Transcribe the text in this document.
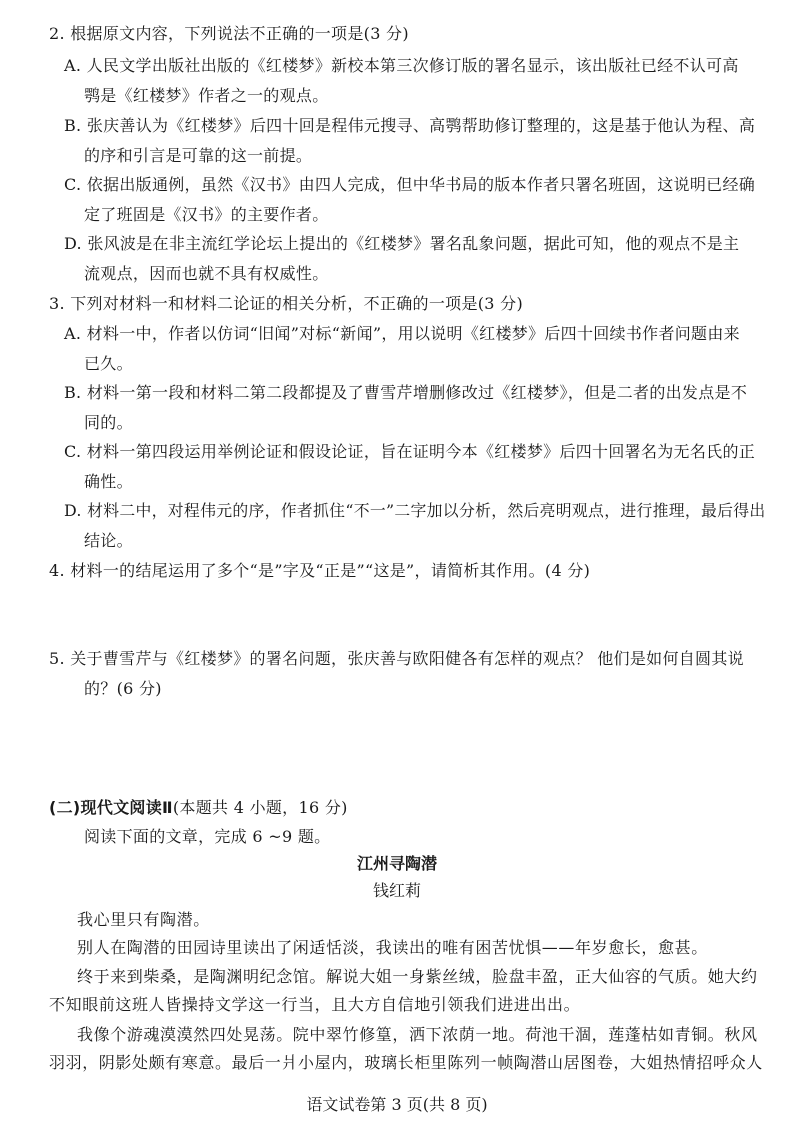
2. 根据原文内容，下列说法不正确的一项是(3 分)
A. 人民文学出版社出版的《红楼梦》新校本第三次修订版的署名显示，该出版社已经不认可高
鹗是《红楼梦》作者之一的观点。
B. 张庆善认为《红楼梦》后四十回是程伟元搜寻、高鹗帮助修订整理的，这是基于他认为程、高
的序和引言是可靠的这一前提。
C. 依据出版通例，虽然《汉书》由四人完成，但中华书局的版本作者只署名班固，这说明已经确
定了班固是《汉书》的主要作者。
D. 张风波是在非主流红学论坛上提出的《红楼梦》署名乱象问题，据此可知，他的观点不是主
流观点，因而也就不具有权威性。
3. 下列对材料一和材料二论证的相关分析，不正确的一项是(3 分)
A. 材料一中，作者以仿词“旧闻”对标“新闻”，用以说明《红楼梦》后四十回续书作者问题由来
已久。
B. 材料一第一段和材料二第二段都提及了曹雪芹增删修改过《红楼梦》，但是二者的出发点是不
同的。
C. 材料一第四段运用举例论证和假设论证，旨在证明今本《红楼梦》后四十回署名为无名氏的正
确性。
D. 材料二中，对程伟元的序，作者抓住“不一”二字加以分析，然后亮明观点，进行推理，最后得出
结论。
4. 材料一的结尾运用了多个“是”字及“正是”“这是”，请简析其作用。(4 分)
5. 关于曹雪芹与《红楼梦》的署名问题，张庆善与欧阳健各有怎样的观点？ 他们是如何自圆其说
的？(6 分)
(二)现代文阅读Ⅱ(本题共 4 小题，16 分)
阅读下面的文章，完成 6 ~9 题。
江州寻陶潜
钱红莉
我心里只有陶潜。
别人在陶潜的田园诗里读出了闲适恬淡，我读出的唯有困苦忧惧——年岁愈长，愈甚。
终于来到柴桑，是陶渊明纪念馆。解说大姐一身紫丝绒，脸盘丰盈，正大仙容的气质。她大约
不知眼前这班人皆操持文学这一行当，且大方自信地引领我们进进出出。
我像个游魂漠漠然四处晃荡。院中翠竹修篁，洒下浓荫一地。荷池干涸，莲蓬枯如青铜。秋风
羽羽，阴影处颇有寒意。最后一爿小屋内，玻璃长柜里陈列一帧陶潜山居图卷，大姐热情招呼众人
语文试卷第 3 页(共 8 页)
